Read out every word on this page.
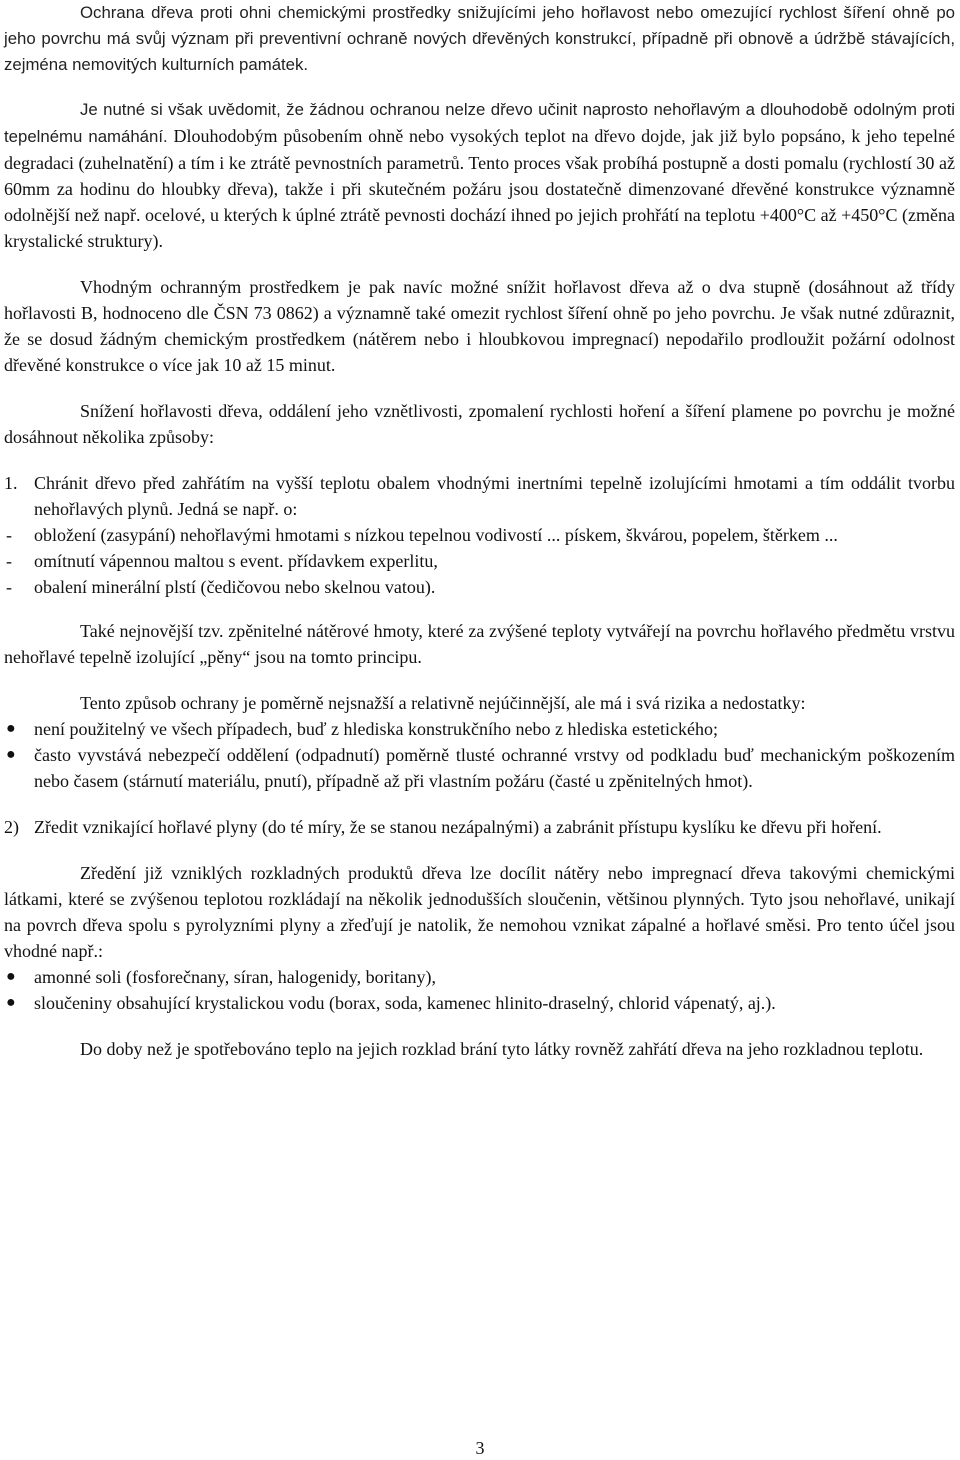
Ochrana dřeva proti ohni chemickými prostředky snižujícími jeho hořlavost nebo omezující rychlost šíření ohně po jeho povrchu má svůj význam při preventivní ochraně nových dřevěných konstrukcí, případně při obnově a údržbě stávajících, zejména nemovitých kulturních památek.

Je nutné si však uvědomit, že žádnou ochranou nelze dřevo učinit naprosto nehořlavým a dlouhodobě odolným proti tepelnému namáhání. Dlouhodobým působením ohně nebo vysokých teplot na dřevo dojde, jak již bylo popsáno, k jeho tepelné degradaci (zuhelnatění) a tím i ke ztrátě pevnostních parametrů. Tento proces však probíhá postupně a dosti pomalu (rychlostí 30 až 60mm za hodinu do hloubky dřeva), takže i při skutečném požáru jsou dostatečně dimenzované dřevěné konstrukce významně odolnější než např. ocelové, u kterých k úplné ztrátě pevnosti dochází ihned po jejich prohřátí na teplotu +400°C až +450°C (změna krystalické struktury).

Vhodným ochranným prostředkem je pak navíc možné snížit hořlavost dřeva až o dva stupně (dosáhnout až třídy hořlavosti B, hodnoceno dle ČSN 73 0862) a významně také omezit rychlost šíření ohně po jeho povrchu. Je však nutné zdůraznit, že se dosud žádným chemickým prostředkem (nátěrem nebo i hloubkovou impregnací) nepodařilo prodloužit požární odolnost dřevěné konstrukce o více jak 10 až 15 minut.

Snížení hořlavosti dřeva, oddálení jeho vznětlivosti, zpomalení rychlosti hoření a šíření plamene po povrchu je možné dosáhnout několika způsoby:

1. Chránit dřevo před zahřátím na vyšší teplotu obalem vhodnými inertními tepelně izolujícími hmotami a tím oddálit tvorbu nehořlavých plynů. Jedná se např. o:
-	obložení (zasypání) nehořlavými hmotami s nízkou tepelnou vodivostí ... pískem, škvárou, popelem, štěrkem ...
-	omítnutí vápennou maltou s event. přídavkem experlitu,
-	obalení minerální plstí (čedičovou nebo skelnou vatou).

Také nejnovější tzv. zpěnitelné nátěrové hmoty, které za zvýšené teploty vytvářejí na povrchu hořlavého předmětu vrstvu nehořlavé tepelně izolující „pěny“ jsou na tomto principu.

Tento způsob ochrany je poměrně nejsnažší a relativně nejúčinnější, ale má i svá rizika a nedostatky:

●	není použitelný ve všech případech, buď z hlediska konstrukčního nebo z hlediska estetického;
●	často vyvstává nebezpečí oddělení (odpadnutí) poměrně tlusté ochranné vrstvy od podkladu buď mechanickým poškozením nebo časem (stárnutí materiálu, pnutí), případně až při vlastním požáru (časté u zpěnitelných hmot).
2) Zředit vznikající hořlavé plyny (do té míry, že se stanou nezápalnými) a zabránit přístupu kyslíku ke dřevu při hoření.

Zředění již vzniklých rozkladných produktů dřeva lze docílit nátěry nebo impregnací dřeva takovými chemickými látkami, které se zvýšenou teplotou rozkládají na několik jednodušších sloučenin, většinou plynných. Tyto jsou nehořlavé, unikají na povrch dřeva spolu s pyrolyzními plyny a zřeďují je natolik, že nemohou vznikat zápalné a hořlavé směsi. Pro tento účel jsou vhodné např.:

●	amonné soli (fosforečnany, síran, halogenidy, boritany),
●	sloučeniny obsahující krystalickou vodu (borax, soda, kamenec hlinito-draselný, chlorid vápenatý, aj.).

Do doby než je spotřebováno teplo na jejich rozklad brání tyto látky rovněž zahřátí dřeva na jeho rozkladnou teplotu.

3
